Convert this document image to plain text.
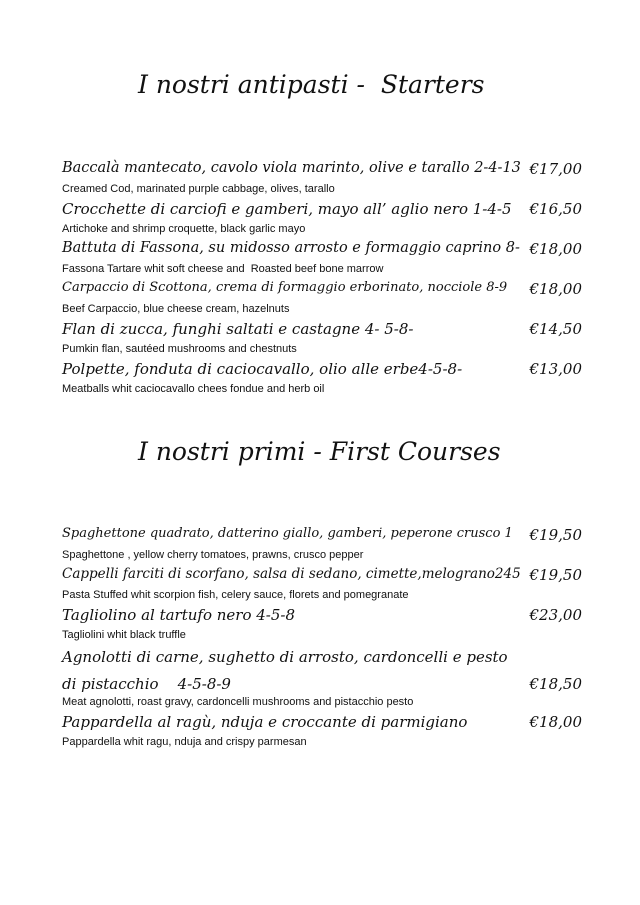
I nostri antipasti -  Starters
Baccalà mantecato, cavolo viola marinto, olive e tarallo 2-4-13 €17,00
Creamed Cod, marinated purple cabbage, olives, tarallo
Crocchette di carciofi e gamberi, mayo all’ aglio nero 1-4-5 €16,50
Artichoke and shrimp croquette, black garlic mayo
Battuta di Fassona, su midosso arrosto e formaggio caprino 8- €18,00
Fassona Tartare whit soft cheese and  Roasted beef bone marrow
Carpaccio di Scottona, crema di formaggio erborinato, nocciole 8-9 €18,00
Beef Carpaccio, blue cheese cream, hazelnuts
Flan di zucca, funghi saltati e castagne 4- 5-8-	€14,50
Pumkin flan, sautéed mushrooms and chestnuts
Polpette, fonduta di caciocavallo, olio alle erbe4-5-8-	€13,00
Meatballs whit caciocavallo chees fondue and herb oil
I nostri primi - First Courses
Spaghettone quadrato, datterino giallo, gamberi, peperone crusco 1 €19,50
Spaghettone , yellow cherry tomatoes, prawns, crusco pepper
Cappelli farciti di scorfano, salsa di sedano, cimette,melograno245 €19,50
Pasta Stuffed whit scorpion fish, celery sauce, florets and pomegranate
Tagliolino al tartufo nero 4-5-8	€23,00
Tagliolini whit black truffle
Agnolotti di carne, sughetto di arrosto, cardoncelli e pesto
di pistacchio    4-5-8-9	€18,50
Meat agnolotti, roast gravy, cardoncelli mushrooms and pistacchio pesto
Pappardella al ragù, nduja e croccante di parmigiano	€18,00
Pappardella whit ragu, nduja and crispy parmesan
